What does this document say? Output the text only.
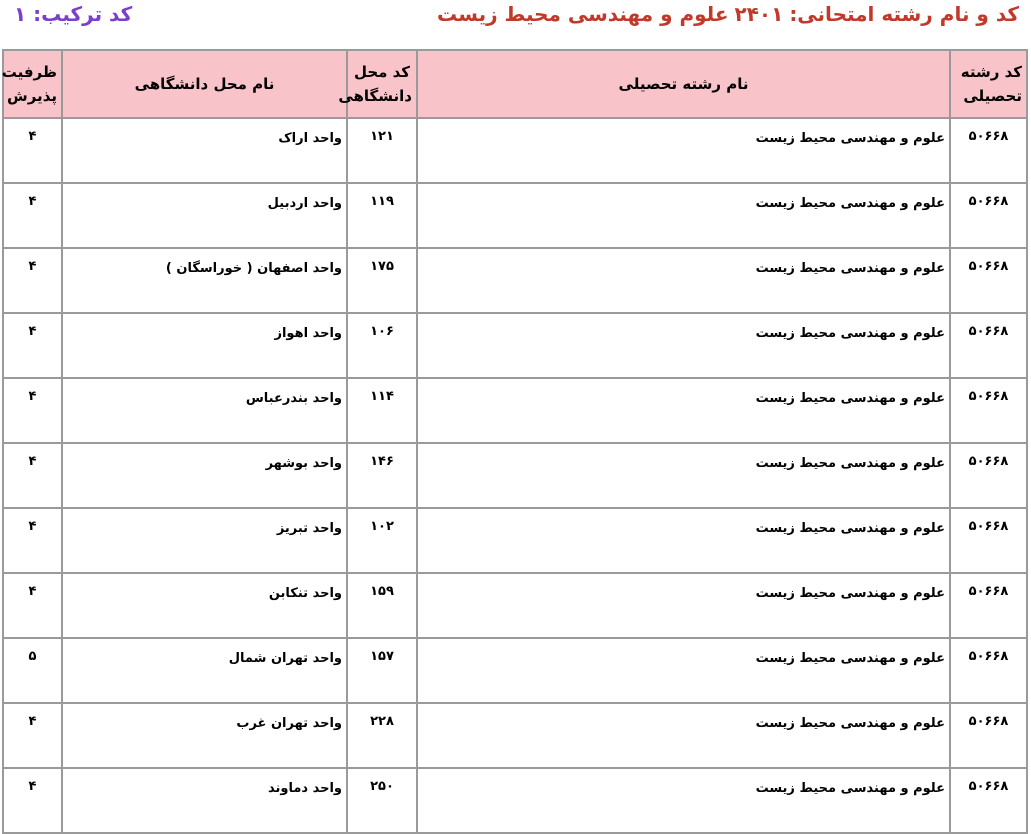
کد و نام رشته امتحانی:۲۴۰۱علوم و مهندسی محیط زیست
کد ترکیب: ۱
کد رشته تحصیلی	نام رشته تحصیلی	کد محل دانشگاهی	نام محل دانشگاهی	ظرفیت پذیرش
۵۰۶۶۸	علوم و مهندسی محیط زیست	۱۲۱	واحد اراک	۴
۵۰۶۶۸	علوم و مهندسی محیط زیست	۱۱۹	واحد اردبیل	۴
۵۰۶۶۸	علوم و مهندسی محیط زیست	۱۷۵	واحد اصفهان ( خوراسگان )	۴
۵۰۶۶۸	علوم و مهندسی محیط زیست	۱۰۶	واحد اهواز	۴
۵۰۶۶۸	علوم و مهندسی محیط زیست	۱۱۴	واحد بندرعباس	۴
۵۰۶۶۸	علوم و مهندسی محیط زیست	۱۴۶	واحد بوشهر	۴
۵۰۶۶۸	علوم و مهندسی محیط زیست	۱۰۲	واحد تبریز	۴
۵۰۶۶۸	علوم و مهندسی محیط زیست	۱۵۹	واحد تنکابن	۴
۵۰۶۶۸	علوم و مهندسی محیط زیست	۱۵۷	واحد تهران شمال	۵
۵۰۶۶۸	علوم و مهندسی محیط زیست	۲۲۸	واحد تهران غرب	۴
۵۰۶۶۸	علوم و مهندسی محیط زیست	۲۵۰	واحد دماوند	۴
